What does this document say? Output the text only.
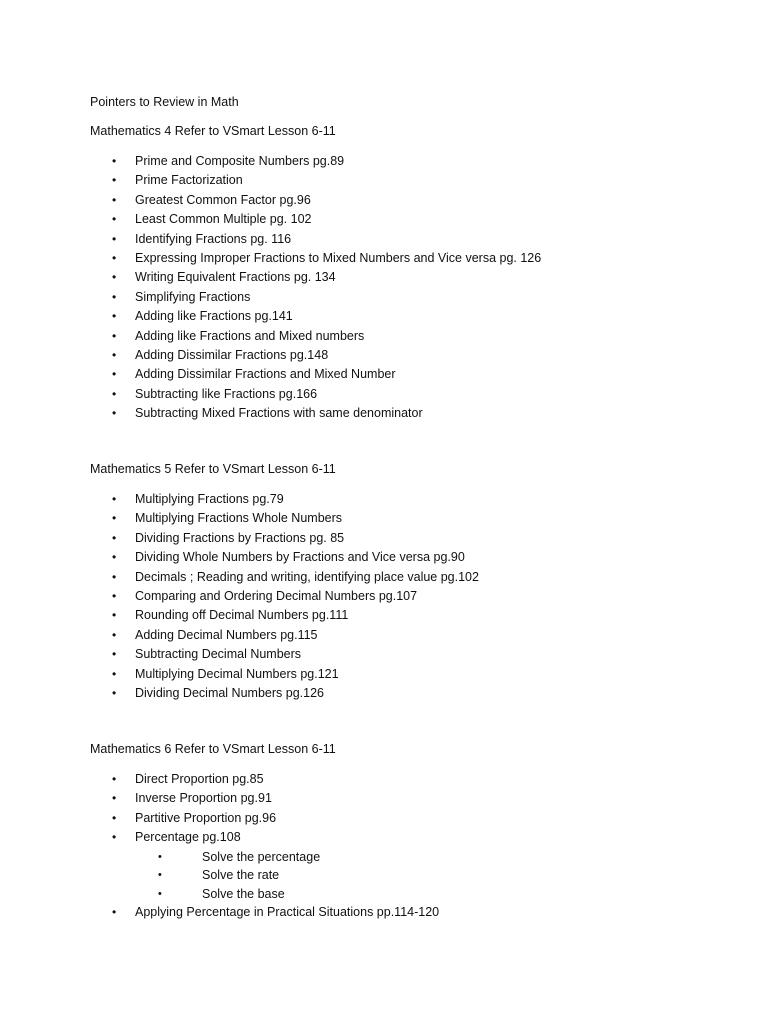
Pointers to Review in Math
Mathematics 4 Refer to VSmart Lesson 6-11
• Prime and Composite Numbers pg.89
• Prime Factorization
• Greatest Common Factor pg.96
• Least Common Multiple pg. 102
• Identifying Fractions pg. 116
• Expressing Improper Fractions to Mixed Numbers and Vice versa pg. 126
• Writing Equivalent Fractions pg. 134
• Simplifying Fractions
• Adding like Fractions pg.141
• Adding like Fractions and Mixed numbers
• Adding Dissimilar Fractions pg.148
• Adding Dissimilar Fractions and Mixed Number
• Subtracting like Fractions pg.166
• Subtracting Mixed Fractions with same denominator
Mathematics 5 Refer to VSmart Lesson 6-11
• Multiplying Fractions pg.79
• Multiplying Fractions Whole Numbers
• Dividing Fractions by Fractions pg. 85
• Dividing Whole Numbers by Fractions and Vice versa pg.90
• Decimals ; Reading and writing, identifying place value pg.102
• Comparing and Ordering Decimal Numbers pg.107
• Rounding off Decimal Numbers pg.111
• Adding Decimal Numbers pg.115
• Subtracting Decimal Numbers
• Multiplying Decimal Numbers pg.121
• Dividing Decimal Numbers pg.126
Mathematics 6 Refer to VSmart Lesson 6-11
• Direct Proportion pg.85
• Inverse Proportion pg.91
• Partitive Proportion pg.96
• Percentage pg.108
•	Solve the percentage
•	Solve the rate
•	Solve the base
• Applying Percentage in Practical Situations pp.114-120
